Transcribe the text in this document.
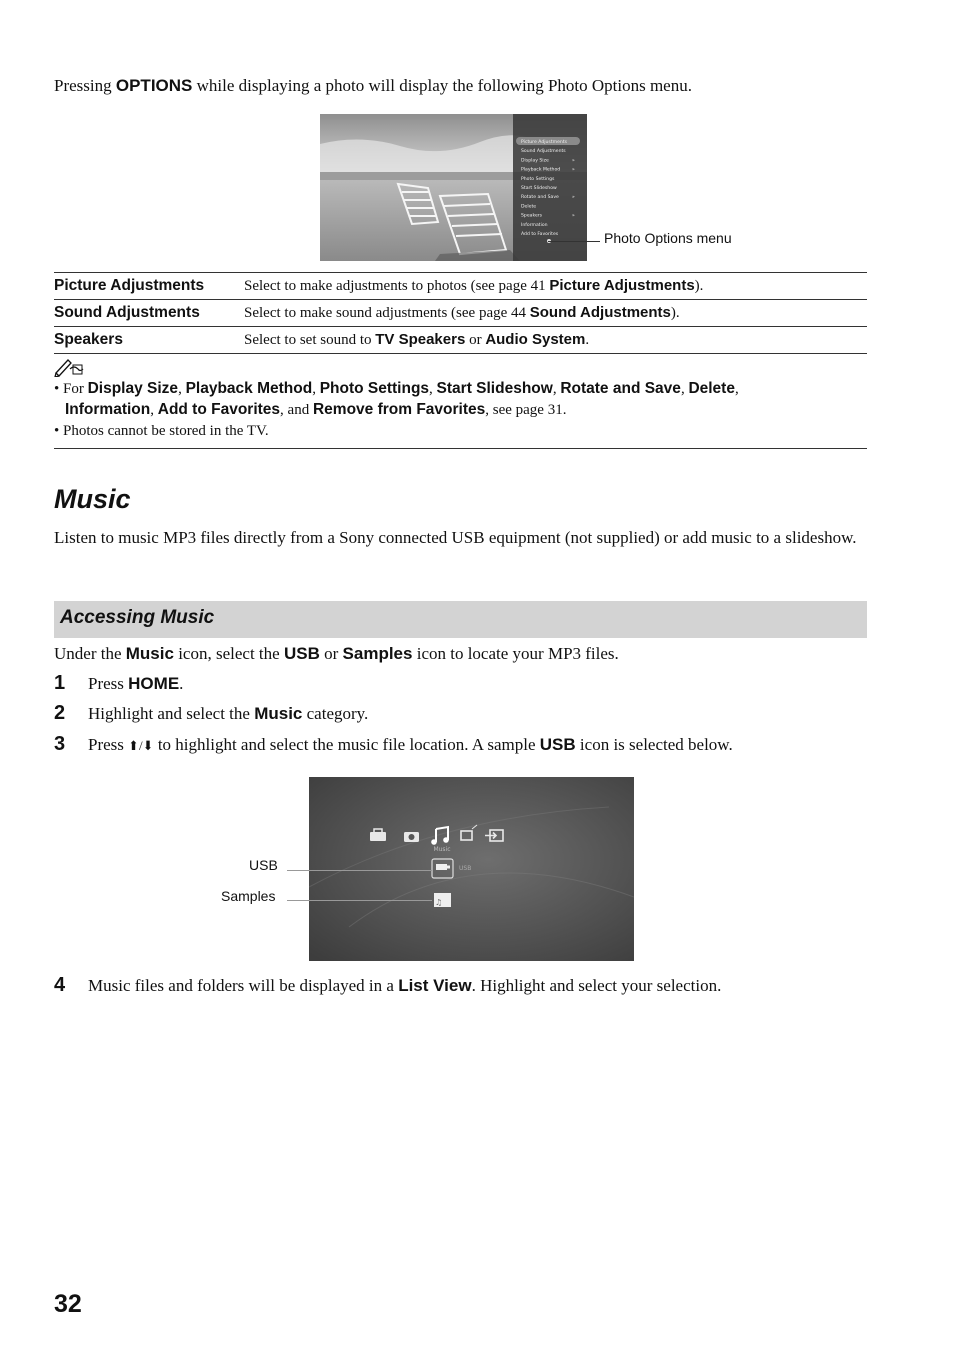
Pressing OPTIONS while displaying a photo will display the following Photo Options menu.

Picture Adjustments
Sound Adjustments
Display Size	»
Playback Method	»
Photo Settings
Start Slideshow
Rotate and Save	»
Delete
Speakers	»
Information
Add to Favorites	Photo Options menu
Picture Adjustments	Select to make adjustments to photos (see page 41 Picture Adjustments).
Sound Adjustments	Select to make sound adjustments (see page 44 Sound Adjustments).
Speakers	Select to set sound to TV Speakers or Audio System.
• For Display Size, Playback Method, Photo Settings, Start Slideshow, Rotate and Save, Delete,
Information, Add to Favorites, and Remove from Favorites, see page 31.
• Photos cannot be stored in the TV.
Music

Listen to music MP3 files directly from a Sony connected USB equipment (not supplied) or add music to a slideshow.

Accessing Music

Under the Music icon, select the USB or Samples icon to locate your MP3 files.

1 Press HOME.
2 Highlight and select the Music category.
3 Press ⬆/⬇ to highlight and select the music file location. A sample USB icon is selected below.
Music
USB
♫
USB
Samples
4 Music files and folders will be displayed in a List View. Highlight and select your selection.
32
